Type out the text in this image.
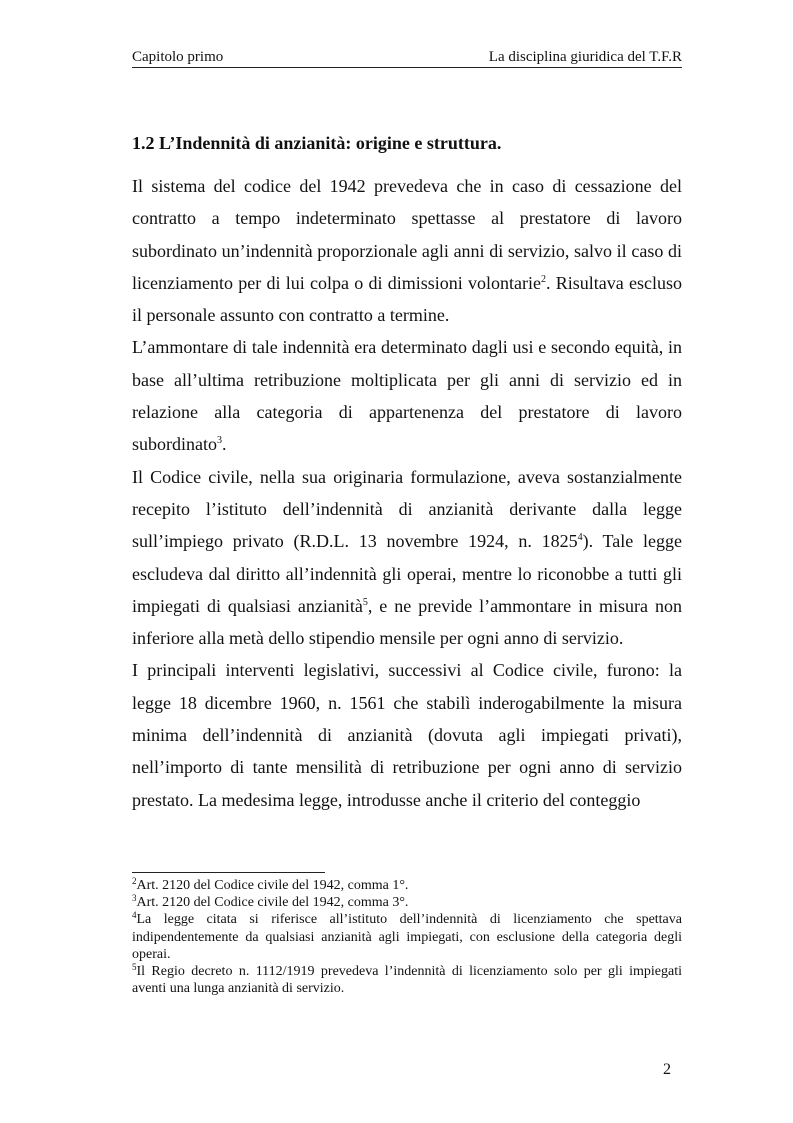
Capitolo primo	La disciplina giuridica del T.F.R
1.2 L’Indennità di anzianità: origine e struttura.

Il sistema del codice del 1942 prevedeva che in caso di cessazione del contratto a tempo indeterminato spettasse al prestatore di lavoro subordinato un’indennità proporzionale agli anni di servizio, salvo il caso di licenziamento per di lui colpa o di dimissioni volontarie$^2$. Risultava escluso il personale assunto con contratto a termine.

L’ammontare di tale indennità era determinato dagli usi e secondo equità, in base all’ultima retribuzione moltiplicata per gli anni di servizio ed in relazione alla categoria di appartenenza del prestatore di lavoro subordinato$^3$.

Il Codice civile, nella sua originaria formulazione, aveva sostanzialmente recepito l’istituto dell’indennità di anzianità derivante dalla legge sull’impiego privato (R.D.L. 13 novembre 1924, n. 1825$^4$). Tale legge escludeva dal diritto all’indennità gli operai, mentre lo riconobbe a tutti gli impiegati di qualsiasi anzianità$^5$, e ne previde l’ammontare in misura non inferiore alla metà dello stipendio mensile per ogni anno di servizio.

I principali interventi legislativi, successivi al Codice civile, furono: la legge 18 dicembre 1960, n. 1561 che stabilì inderogabilmente la misura minima dell’indennità di anzianità (dovuta agli impiegati privati), nell’importo di tante mensilità di retribuzione per ogni anno di servizio prestato. La medesima legge, introdusse anche il criterio del conteggio

$^2$Art. 2120 del Codice civile del 1942, comma 1°.

$^3$Art. 2120 del Codice civile del 1942, comma 3°.

$^4$La legge citata si riferisce all’istituto dell’indennità di licenziamento che spettava indipendentemente da qualsiasi anzianità agli impiegati, con esclusione della categoria degli operai.

$^5$Il Regio decreto n. 1112/1919 prevedeva l’indennità di licenziamento solo per gli impiegati aventi una lunga anzianità di servizio.

2
